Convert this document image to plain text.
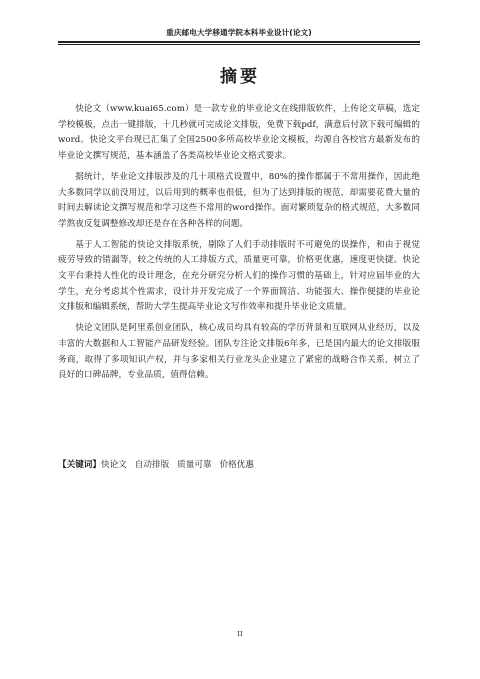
重庆邮电大学移通学院本科毕业设计(论文)
摘要

快论文（www.kuai65.com）是一款专业的毕业论文在线排版软件，上传论文草稿，选定学校模板，点击一键排版，十几秒就可完成论文排版，免费下载pdf，满意后付款下载可编辑的word。快论文平台现已汇集了全国2500多所高校毕业论文模板，均源自各校官方最新发布的毕业论文撰写规范，基本涵盖了各类高校毕业论文格式要求。

据统计，毕业论文排版涉及的几十项格式设置中，80%的操作都属于不常用操作，因此绝大多数同学以前没用过，以后用到的概率也很低，但为了达到排版的规范，却需要花费大量的时间去解读论文撰写规范和学习这些不常用的word操作。面对繁琐复杂的格式规范，大多数同学熬夜反复调整修改却还是存在各种各样的问题。

基于人工智能的快论文排版系统，剔除了人们手动排版时不可避免的误操作，和由于视觉疲劳导致的错漏等，较之传统的人工排版方式，质量更可靠，价格更优惠，速度更快捷。快论文平台秉持人性化的设计理念，在充分研究分析人们的操作习惯的基础上，针对应届毕业的大学生，充分考虑其个性需求，设计并开发完成了一个界面简洁、功能强大、操作便捷的毕业论文排版和编辑系统，帮助大学生提高毕业论文写作效率和提升毕业论文质量。

快论文团队是阿里系创业团队，核心成员均具有较高的学历背景和互联网从业经历，以及丰富的大数据和人工智能产品研发经验。团队专注论文排版6年多，已是国内最大的论文排版服务商，取得了多项知识产权，并与多家相关行业龙头企业建立了紧密的战略合作关系，树立了良好的口碑品牌，专业品质，值得信赖。

【关键词】快论文 自动排版 质量可靠 价格优惠
II
